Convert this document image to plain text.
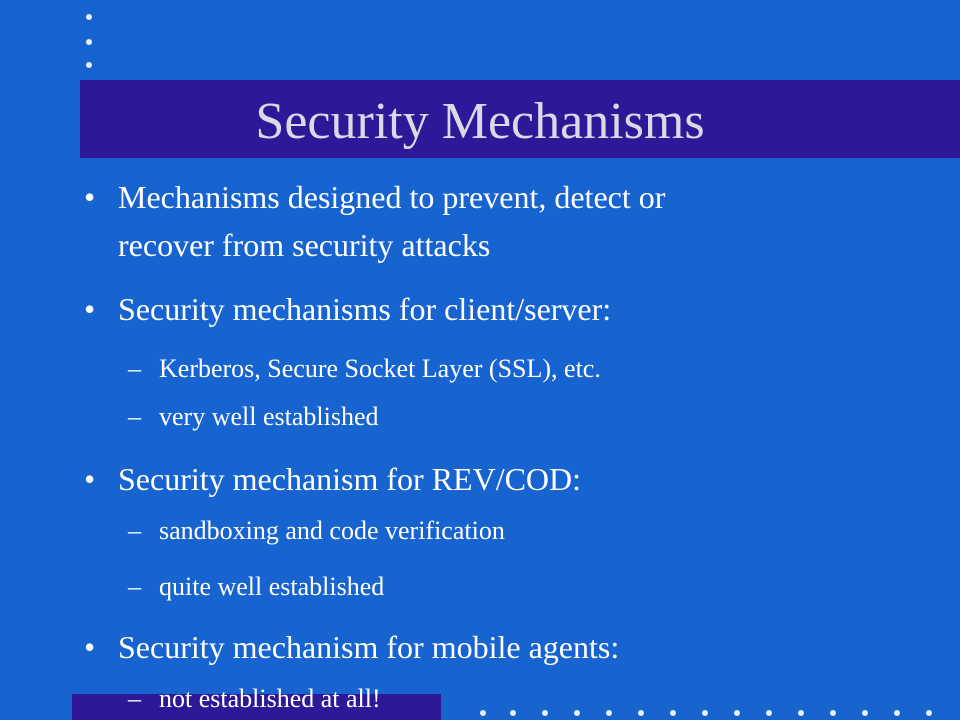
Security Mechanisms
• Mechanisms designed to prevent, detect or
recover from security attacks
• Security mechanisms for client/server:
– Kerberos, Secure Socket Layer (SSL), etc.
– very well established
• Security mechanism for REV/COD:
– sandboxing and code verification
– quite well established
• Security mechanism for mobile agents:
– not established at all!
